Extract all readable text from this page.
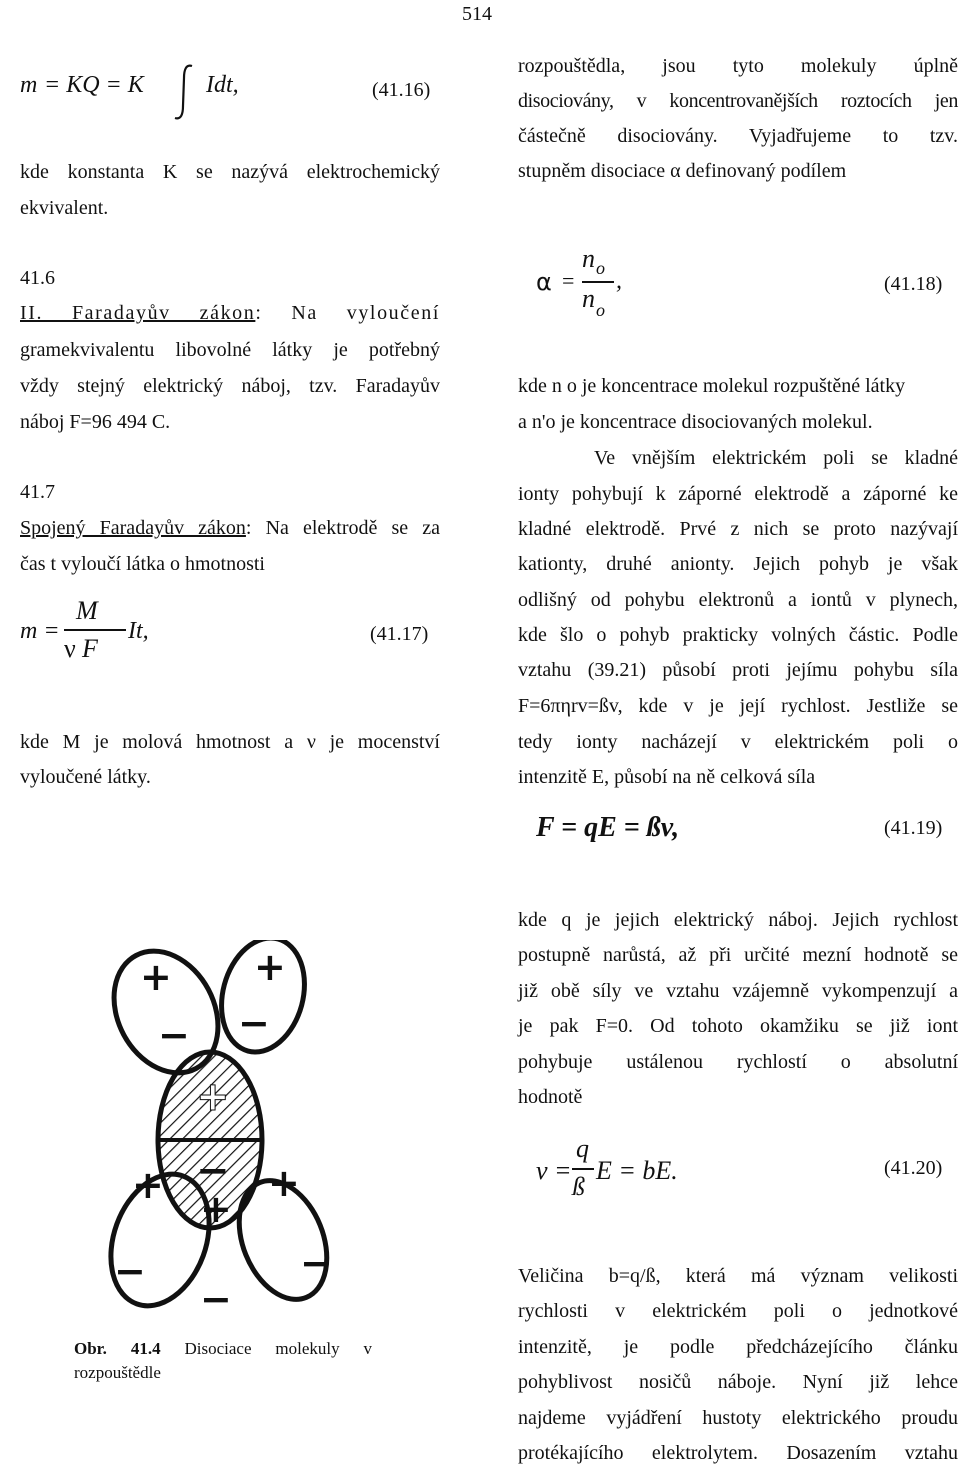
514
m = KQ = K	Idt,	(41.16)
kde konstanta K se nazývá elektrochemický
ekvivalent.
41.6
II. Faradayův zákon: Na vyloučení
gramekvivalentu libovolné látky je potřebný
vždy stejný elektrický náboj, tzv. Faradayův
náboj F=96 494 C.
41.7
Spojený Faradayův zákon: Na elektrodě se za
čas t vyloučí látka o hmotnosti
m =
M
ν F
It,	(41.17)
kde M je molová hmotnost a ν je mocenství
vyloučené látky.
+
−
+
−
+
−
+	+
+
−
−
−
Obr. 41.4 Disociace molekuly v
rozpouštědle
rozpouštědla, jsou tyto molekuly úplně
disociovány, v koncentrovanějších roztocích jen
částečně disociovány. Vyjadřujeme to tzv.
stupněm disociace α definovaný podílem
α =
n o
n o
,	(41.18)
kde n o je koncentrace molekul rozpuštěné látky
a n'o je koncentrace disociovaných molekul.
Ve vnějším elektrickém poli se kladné
ionty pohybují k záporné elektrodě a záporné ke
kladné elektrodě. Prvé z nich se proto nazývají
kationty, druhé anionty. Jejich pohyb je však
odlišný od pohybu elektronů a iontů v plynech,
kde šlo o pohyb prakticky volných částic. Podle
vztahu (39.21) působí proti jejímu pohybu síla
F=6πηrv=ßv, kde v je její rychlost. Jestliže se
tedy ionty nacházejí v elektrickém poli o
intenzitě E, působí na ně celková síla
F = qE = ßv,	(41.19)
kde q je jejich elektrický náboj. Jejich rychlost
postupně narůstá, až při určité mezní hodnotě se
již obě síly ve vztahu vzájemně vykompenzují a
je pak F=0. Od tohoto okamžiku se již iont
pohybuje ustálenou rychlostí o absolutní
hodnotě
v =
q
ß
E = bE.	(41.20)
Veličina b=q/ß, která má význam velikosti
rychlosti v elektrickém poli o jednotkové
intenzitě, je podle předcházejícího článku
pohyblivost nosičů náboje. Nyní již lehce
najdeme vyjádření hustoty elektrického proudu
protékajícího elektrolytem. Dosazením vztahu
